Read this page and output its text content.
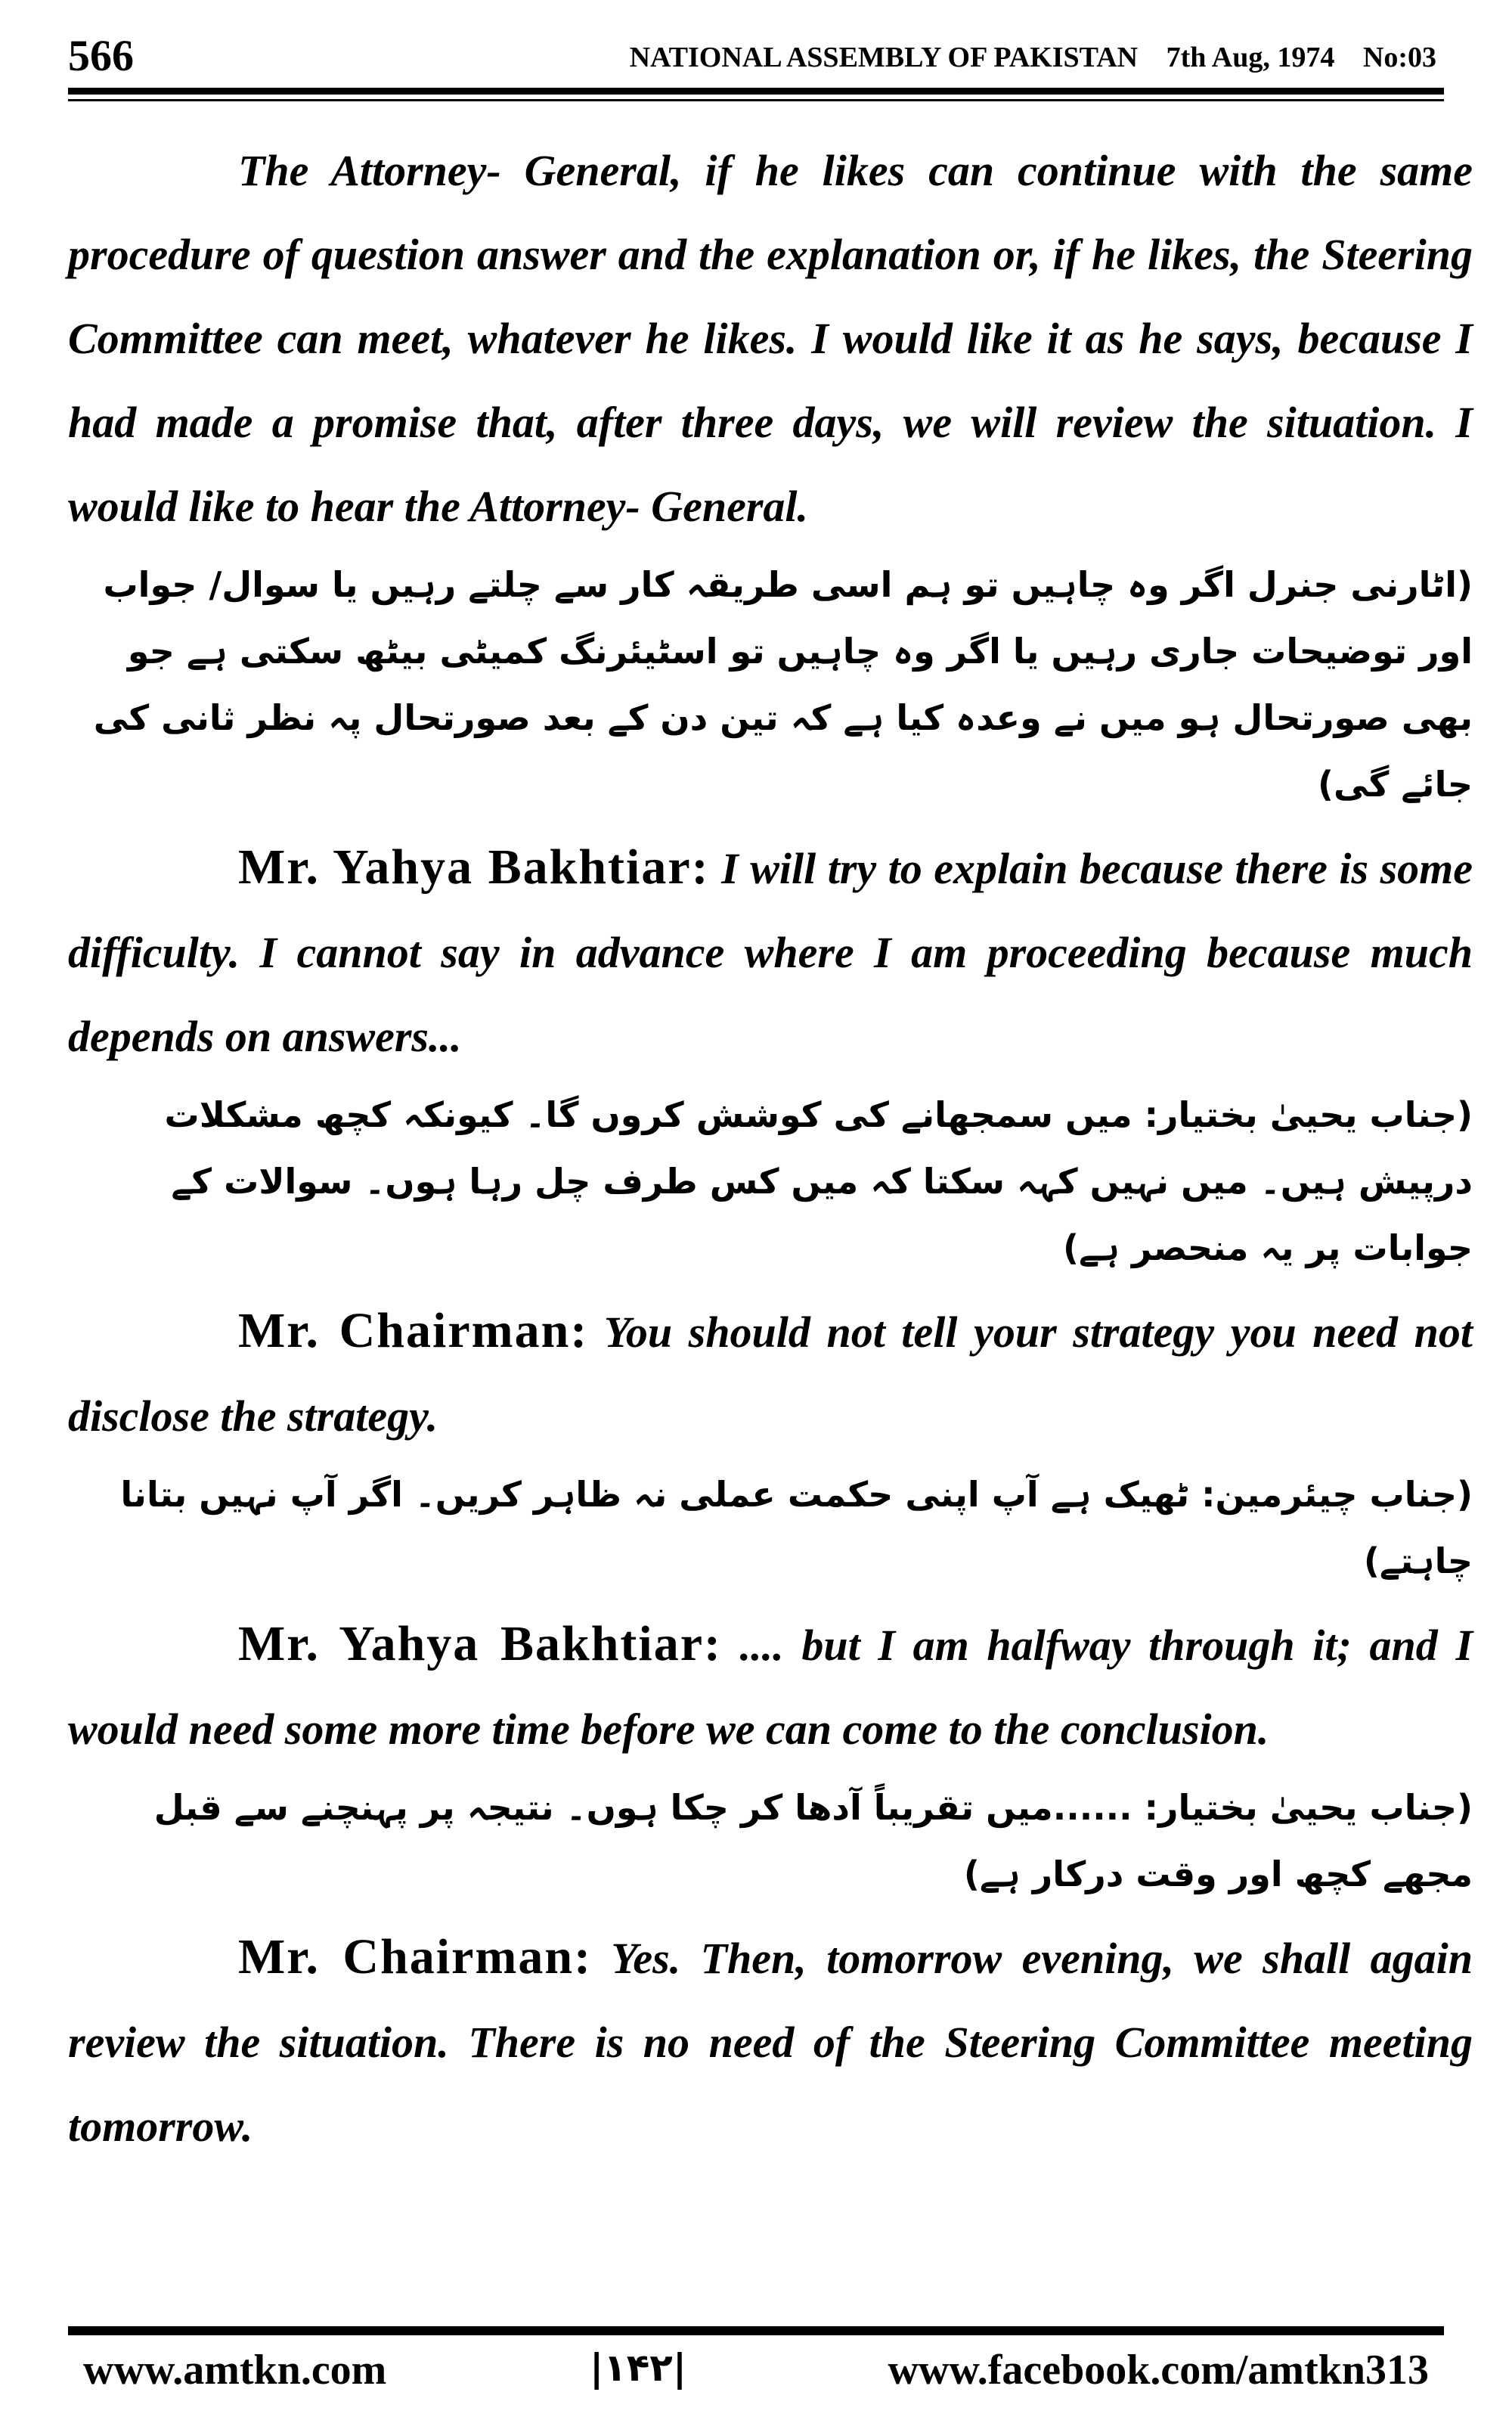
566	NATIONAL ASSEMBLY OF PAKISTAN 7th Aug, 1974 No:03

The Attorney- General, if he likes can continue with the same procedure of question answer and the explanation or, if he likes, the Steering Committee can meet, whatever he likes. I would like it as he says, because I had made a promise that, after three days, we will review the situation. I would like to hear the Attorney- General.

(اٹارنی جنرل اگر وہ چاہیں تو ہم اسی طریقہ کار سے چلتے رہیں یا سوال/ جواب اور توضیحات جاری رہیں یا اگر وہ چاہیں تو اسٹیئرنگ کمیٹی بیٹھ سکتی ہے جو بھی صورتحال ہو میں نے وعدہ کیا ہے کہ تین دن کے بعد صورتحال پہ نظر ثانی کی جائے گی)

Mr. Yahya Bakhtiar: I will try to explain because there is some difficulty. I cannot say in advance where I am proceeding because much depends on answers...

(جناب یحییٰ بختیار: میں سمجھانے کی کوشش کروں گا۔ کیونکہ کچھ مشکلات درپیش ہیں۔ میں نہیں کہہ سکتا کہ میں کس طرف چل رہا ہوں۔ سوالات کے جوابات پر یہ منحصر ہے)

Mr. Chairman: You should not tell your strategy you need not disclose the strategy.

(جناب چیئرمین: ٹھیک ہے آپ اپنی حکمت عملی نہ ظاہر کریں۔ اگر آپ نہیں بتانا چاہتے)

Mr. Yahya Bakhtiar: .... but I am halfway through it; and I would need some more time before we can come to the conclusion.

(جناب یحییٰ بختیار: ......میں تقریباً آدھا کر چکا ہوں۔ نتیجہ پر پہنچنے سے قبل مجھے کچھ اور وقت درکار ہے)

Mr. Chairman: Yes. Then, tomorrow evening, we shall again review the situation. There is no need of the Steering Committee meeting tomorrow.

www.amtkn.com	|۱۴۲|	www.facebook.com/amtkn313
